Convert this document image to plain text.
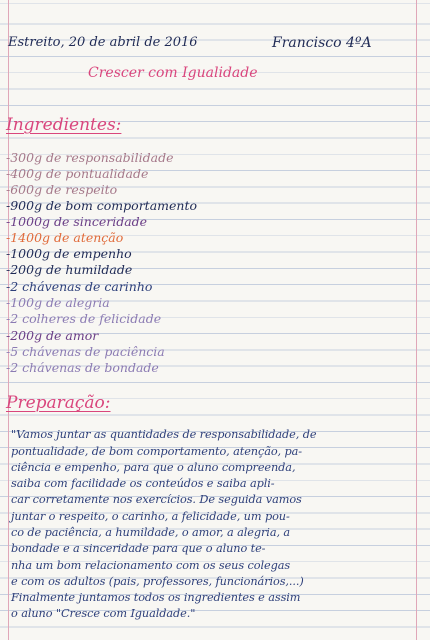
Estreito, 20 de abril de 2016	Francisco 4ºA
Crescer com Igualidade
Ingredientes:
-300g de responsabilidade
-400g de pontualidade
-600g de respeito
-900g de bom comportamento
-1000g de sinceridade
-1400g de atenção
-1000g de empenho
-200g de humildade
-2 chávenas de carinho
-100g de alegria
-2 colheres de felicidade
-200g de amor
-5 chávenas de paciência
-2 chávenas de bondade
Preparação:
"Vamos juntar as quantidades de responsabilidade, de
pontualidade, de bom comportamento, atenção, pa-
ciência e empenho, para que o aluno compreenda,
saiba com facilidade os conteúdos e saiba apli-
car corretamente nos exercícios. De seguida vamos
juntar o respeito, o carinho, a felicidade, um pou-
co de paciência, a humildade, o amor, a alegria, a
bondade e a sinceridade para que o aluno te-
nha um bom relacionamento com os seus colegas
e com os adultos (pais, professores, funcionários,...)
Finalmente juntamos todos os ingredientes e assim
o aluno "Cresce com Igualdade."
